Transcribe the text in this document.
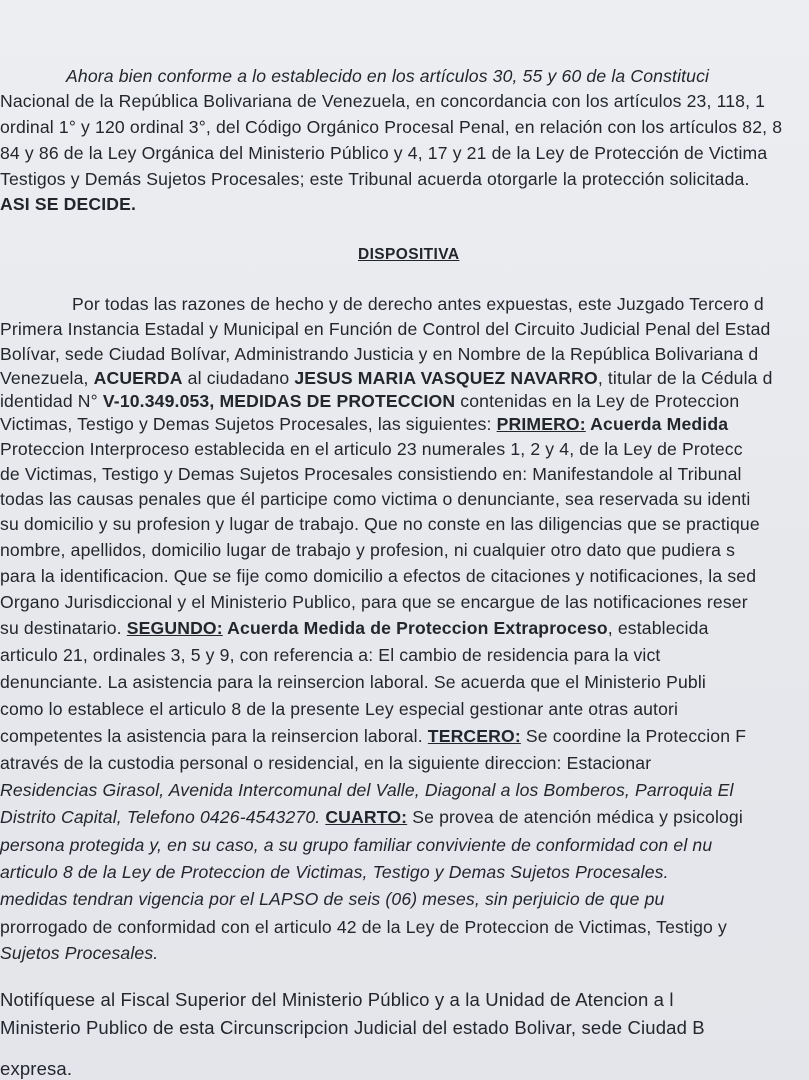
Ahora bien conforme a lo establecido en los artículos 30, 55 y 60 de la Constituci
Nacional de la República Bolivariana de Venezuela, en concordancia con los artículos 23, 118, 1
ordinal 1° y 120 ordinal 3°, del Código Orgánico Procesal Penal, en relación con los artículos 82, 8
84 y 86 de la Ley Orgánica del Ministerio Público y 4, 17 y 21 de la Ley de Protección de Victima
Testigos y Demás Sujetos Procesales; este Tribunal acuerda otorgarle la protección solicitada.
ASI SE DECIDE.
DISPOSITIVA
Por todas las razones de hecho y de derecho antes expuestas, este Juzgado Tercero d
Primera Instancia Estadal y Municipal en Función de Control del Circuito Judicial Penal del Estad
Bolívar, sede Ciudad Bolívar, Administrando Justicia y en Nombre de la República Bolivariana d
Venezuela, ACUERDA al ciudadano JESUS MARIA VASQUEZ NAVARRO, titular de la Cédula d
identidad N° V-10.349.053, MEDIDAS DE PROTECCION contenidas en la Ley de Proteccion
Victimas, Testigo y Demas Sujetos Procesales, las siguientes: PRIMERO: Acuerda Medida
Proteccion Interproceso establecida en el articulo 23 numerales 1, 2 y 4, de la Ley de Protecc
de Victimas, Testigo y Demas Sujetos Procesales consistiendo en: Manifestandole al Tribunal
todas las causas penales que él participe como victima o denunciante, sea reservada su identi
su domicilio y su profesion y lugar de trabajo. Que no conste en las diligencias que se practique
nombre, apellidos, domicilio lugar de trabajo y profesion, ni cualquier otro dato que pudiera s
para la identificacion. Que se fije como domicilio a efectos de citaciones y notificaciones, la sed
Organo Jurisdiccional y el Ministerio Publico, para que se encargue de las notificaciones reser
su destinatario. SEGUNDO: Acuerda Medida de Proteccion Extraproceso, establecida
articulo 21, ordinales 3, 5 y 9, con referencia a: El cambio de residencia para la vict
denunciante. La asistencia para la reinsercion laboral. Se acuerda que el Ministerio Publi
como lo establece el articulo 8 de la presente Ley especial gestionar ante otras autori
competentes la asistencia para la reinsercion laboral. TERCERO: Se coordine la Proteccion F
através de la custodia personal o residencial, en la siguiente direccion: Estacionar
Residencias Girasol, Avenida Intercomunal del Valle, Diagonal a los Bomberos, Parroquia El
Distrito Capital, Telefono 0426-4543270. CUARTO: Se provea de atención médica y psicologi
persona protegida y, en su caso, a su grupo familiar conviviente de conformidad con el nu
articulo 8 de la Ley de Proteccion de Victimas, Testigo y Demas Sujetos Procesales.
medidas tendran vigencia por el LAPSO de seis (06) meses, sin perjuicio de que pu
prorrogado de conformidad con el articulo 42 de la Ley de Proteccion de Victimas, Testigo y
Sujetos Procesales.
Notifíquese al Fiscal Superior del Ministerio Público y a la Unidad de Atencion a l
Ministerio Publico de esta Circunscripcion Judicial del estado Bolivar, sede Ciudad B
expresa.
